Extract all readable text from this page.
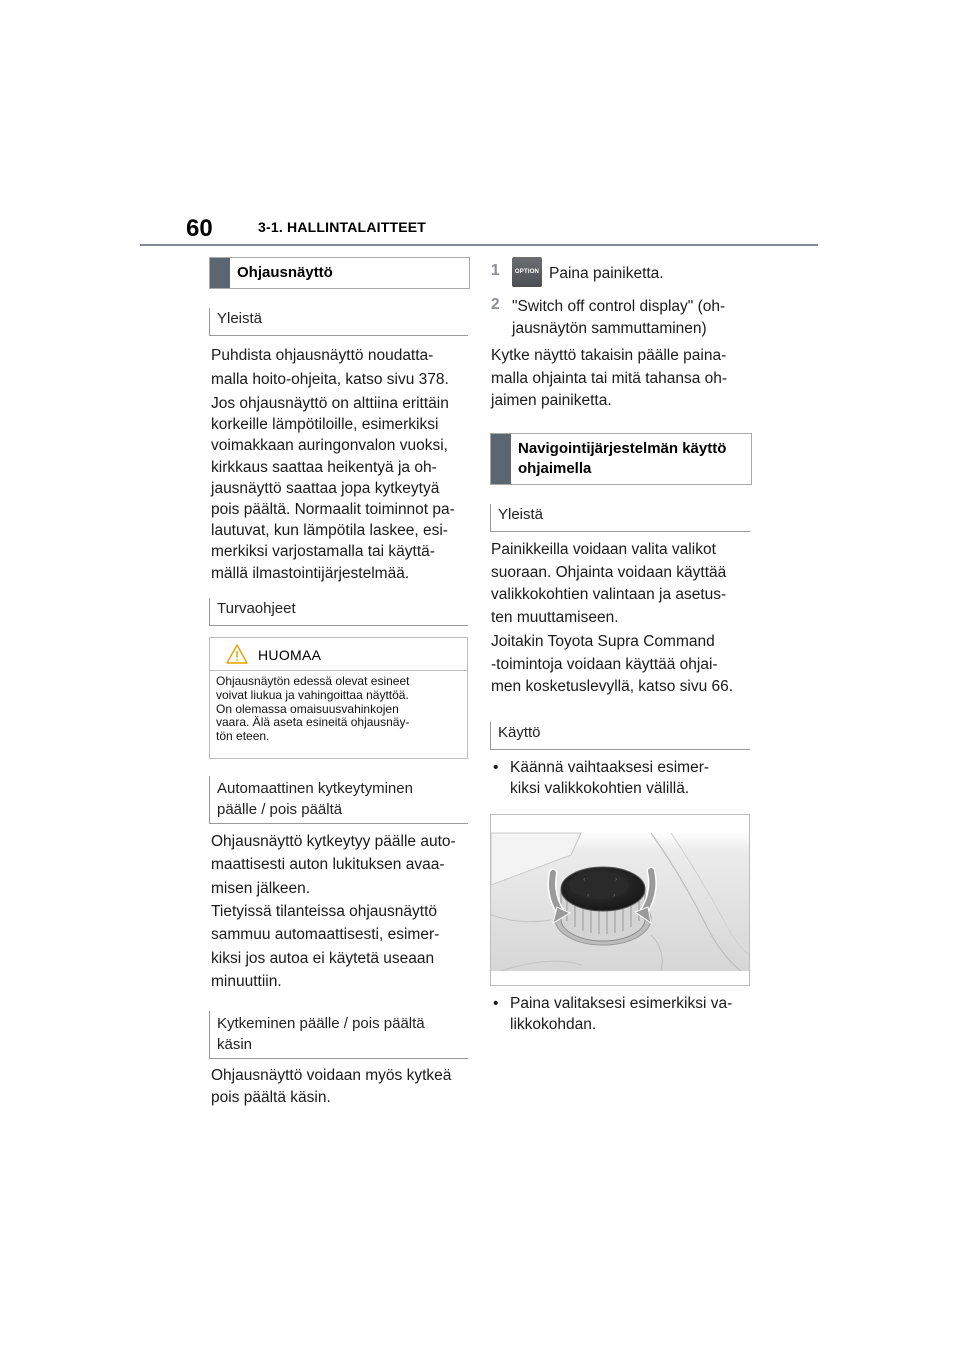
60	3-1. HALLINTALAITTEET
Ohjausnäyttö
Yleistä
Puhdista ohjausnäyttö noudatta-
malla hoito-ohjeita, katso sivu 378.
Jos ohjausnäyttö on alttiina erittäin
korkeille lämpötiloille, esimerkiksi
voimakkaan auringonvalon vuoksi,
kirkkaus saattaa heikentyä ja oh-
jausnäyttö saattaa jopa kytkeytyä
pois päältä. Normaalit toiminnot pa-
lautuvat, kun lämpötila laskee, esi-
merkiksi varjostamalla tai käyttä-
mällä ilmastointijärjestelmää.
Turvaohjeet
HUOMAA
Ohjausnäytön edessä olevat esineet
voivat liukua ja vahingoittaa näyttöä.
On olemassa omaisuusvahinkojen
vaara. Älä aseta esineitä ohjausnäy-
tön eteen.
Automaattinen kytkeytyminen
päälle / pois päältä
Ohjausnäyttö kytkeytyy päälle auto-
maattisesti auton lukituksen avaa-
misen jälkeen.
Tietyissä tilanteissa ohjausnäyttö
sammuu automaattisesti, esimer-
kiksi jos autoa ei käytetä useaan
minuuttiin.
Kytkeminen päälle / pois päältä
käsin
Ohjausnäyttö voidaan myös kytkeä
pois päältä käsin.
1	OPTION Paina painiketta.
2 "Switch off control display" (oh-
jausnäytön sammuttaminen)
Kytke näyttö takaisin päälle paina-
malla ohjainta tai mitä tahansa oh-
jaimen painiketta.
Navigointijärjestelmän käyttö
ohjaimella
Yleistä
Painikkeilla voidaan valita valikot
suoraan. Ohjainta voidaan käyttää
valikkokohtien valintaan ja asetus-
ten muuttamiseen.
Joitakin Toyota Supra Command
-toimintoja voidaan käyttää ohjai-
men kosketuslevyllä, katso sivu 66.
Käyttö
• Käännä vaihtaaksesi esimer-
kiksi valikkokohtien välillä.
‹	›
‹	›
• Paina valitaksesi esimerkiksi va-
likkokohdan.
